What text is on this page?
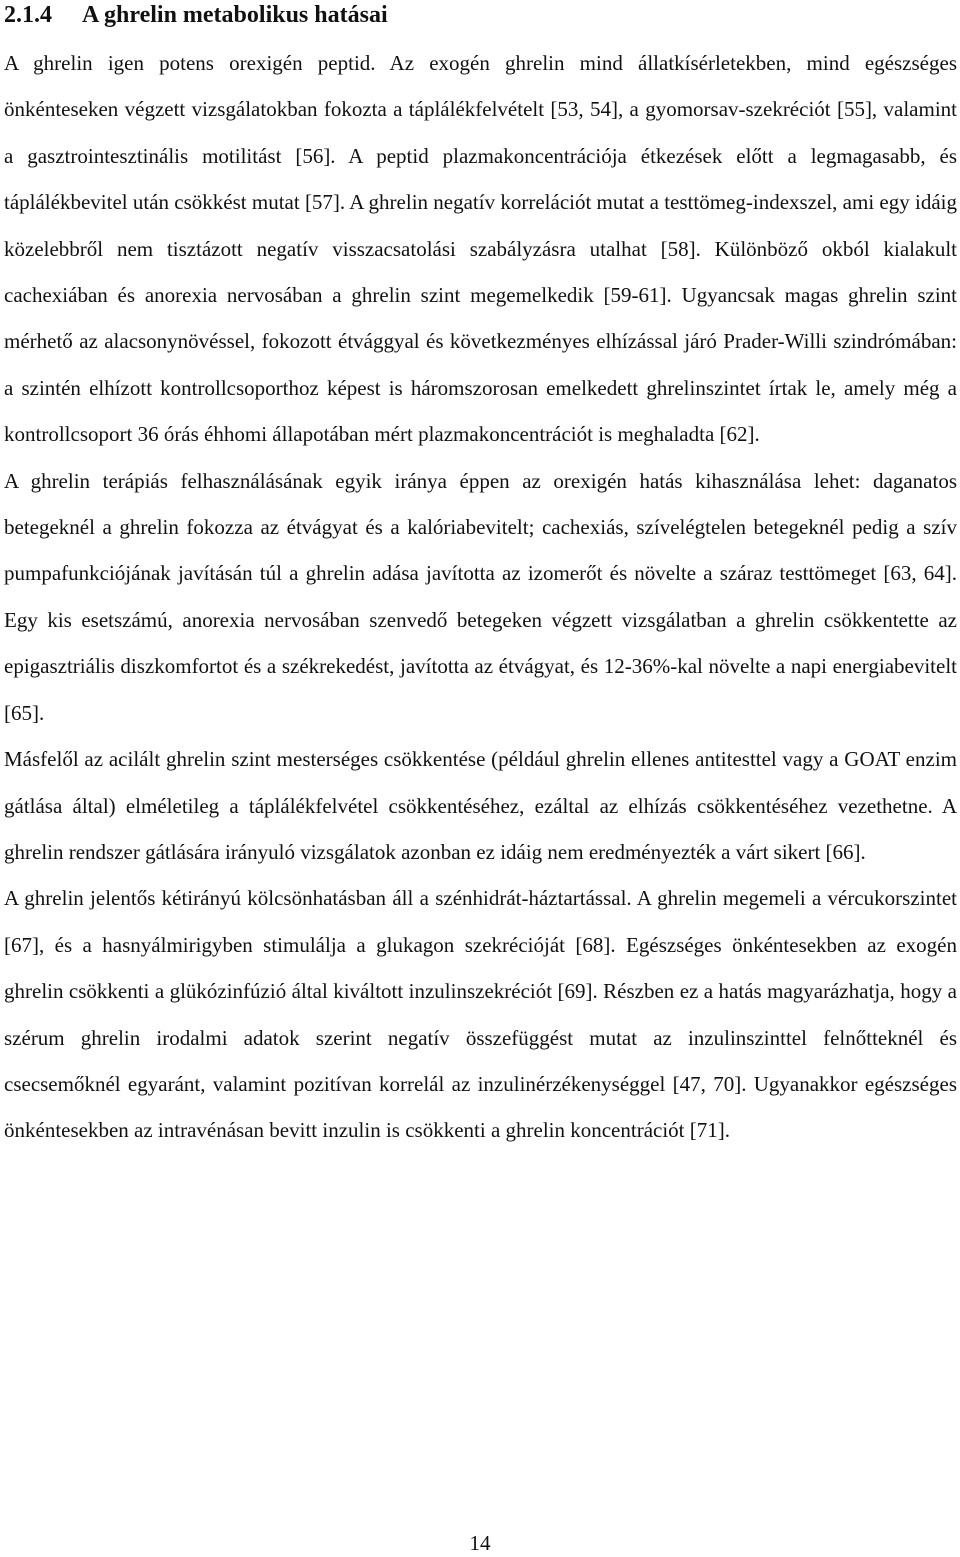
2.1.4 A ghrelin metabolikus hatásai

A ghrelin igen potens orexigén peptid. Az exogén ghrelin mind állatkísérletekben, mind egészséges önkénteseken végzett vizsgálatokban fokozta a táplálékfelvételt [53, 54], a gyomorsav-szekréciót [55], valamint a gasztrointesztinális motilitást [56]. A peptid plazmakoncentrációja étkezések előtt a legmagasabb, és táplálékbevitel után csökkést mutat [57]. A ghrelin negatív korrelációt mutat a testtömeg-indexszel, ami egy idáig közelebbről nem tisztázott negatív visszacsatolási szabályzásra utalhat [58]. Különböző okból kialakult cachexiában és anorexia nervosában a ghrelin szint megemelkedik [59-61]. Ugyancsak magas ghrelin szint mérhető az alacsonynövéssel, fokozott étvággyal és következményes elhízással járó Prader-Willi szindrómában: a szintén elhízott kontrollcsoporthoz képest is háromszorosan emelkedett ghrelinszintet írtak le, amely még a kontrollcsoport 36 órás éhhomi állapotában mért plazmakoncentrációt is meghaladta [62].

A ghrelin terápiás felhasználásának egyik iránya éppen az orexigén hatás kihasználása lehet: daganatos betegeknél a ghrelin fokozza az étvágyat és a kalóriabevitelt; cachexiás, szívelégtelen betegeknél pedig a szív pumpafunkciójának javításán túl a ghrelin adása javította az izomerőt és növelte a száraz testtömeget [63, 64]. Egy kis esetszámú, anorexia nervosában szenvedő betegeken végzett vizsgálatban a ghrelin csökkentette az epigasztriális diszkomfortot és a székrekedést, javította az étvágyat, és 12-36%-kal növelte a napi energiabevitelt [65].

Másfelől az acilált ghrelin szint mesterséges csökkentése (például ghrelin ellenes antitesttel vagy a GOAT enzim gátlása által) elméletileg a táplálékfelvétel csökkentéséhez, ezáltal az elhízás csökkentéséhez vezethetne. A ghrelin rendszer gátlására irányuló vizsgálatok azonban ez idáig nem eredményezték a várt sikert [66].

A ghrelin jelentős kétirányú kölcsönhatásban áll a szénhidrát-háztartással. A ghrelin megemeli a vércukorszintet [67], és a hasnyálmirigyben stimulálja a glukagon szekrécióját [68]. Egészséges önkéntesekben az exogén ghrelin csökkenti a glükózinfúzió által kiváltott inzulinszekréciót [69]. Részben ez a hatás magyarázhatja, hogy a szérum ghrelin irodalmi adatok szerint negatív összefüggést mutat az inzulinszinttel felnőtteknél és csecsemőknél egyaránt, valamint pozitívan korrelál az inzulinérzékenységgel [47, 70]. Ugyanakkor egészséges önkéntesekben az intravénásan bevitt inzulin is csökkenti a ghrelin koncentrációt [71].

14
